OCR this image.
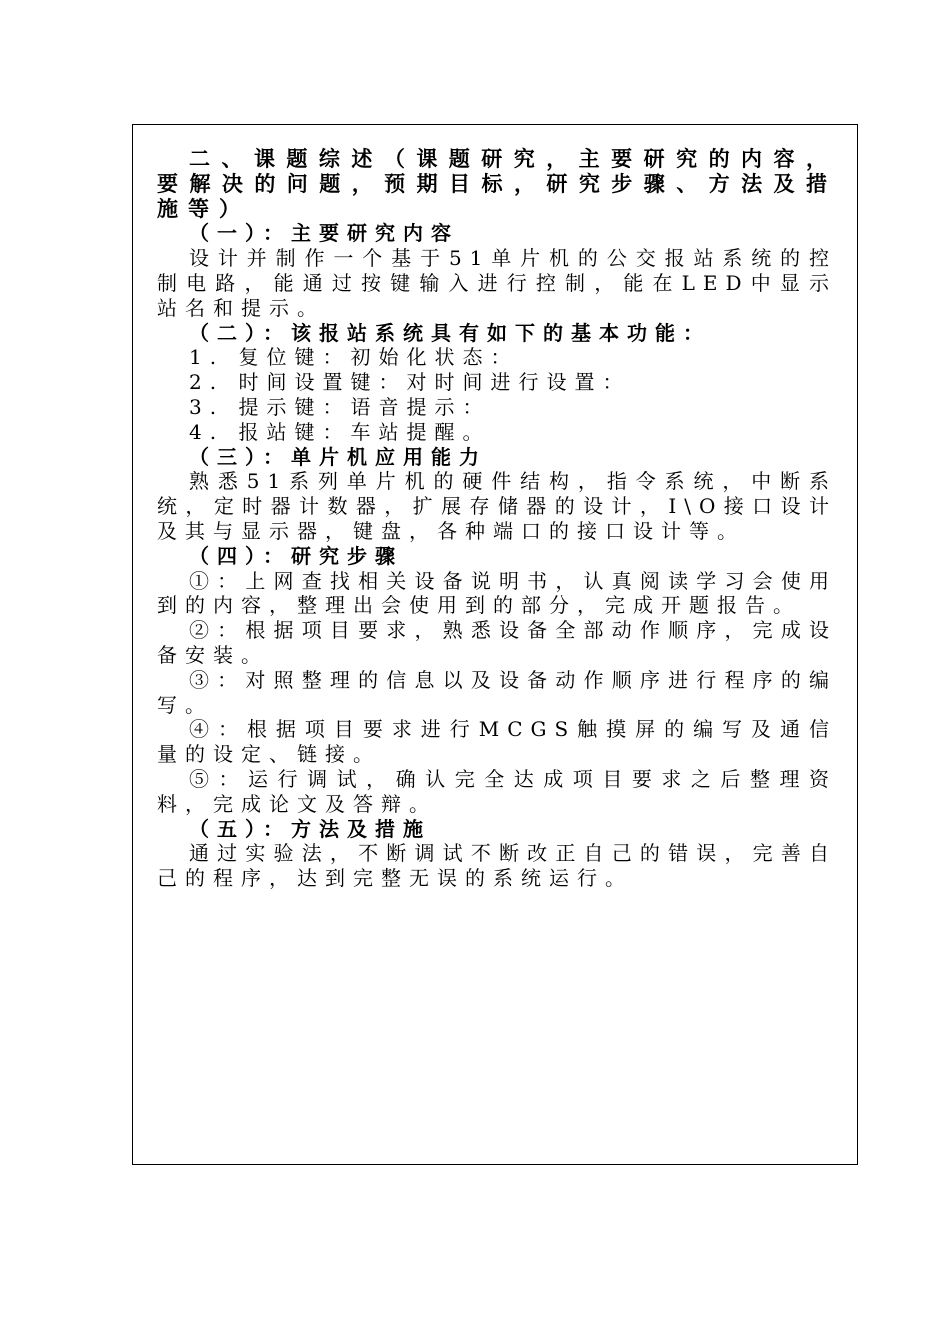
二、课题综述（课题研究，主要研究的内容，要解决的问题，预期目标，研究步骤、方法及措施等）

（一）：主要研究内容

设计并制作一个基于51单片机的公交报站系统的控制电路，能通过按键输入进行控制，能在LED中显示站名和提示。

（二）：该报站系统具有如下的基本功能：

1. 复位键：初始化状态：

2. 时间设置键：对时间进行设置：

3. 提示键：语音提示：

4. 报站键：车站提醒。

（三）：单片机应用能力

熟悉51系列单片机的硬件结构，指令系统，中断系统，定时器计数器，扩展存储器的设计，I\O接口设计及其与显示器，键盘，各种端口的接口设计等。

（四）：研究步骤

①：上网查找相关设备说明书，认真阅读学习会使用到的内容，整理出会使用到的部分，完成开题报告。

②：根据项目要求，熟悉设备全部动作顺序，完成设备安装。

③：对照整理的信息以及设备动作顺序进行程序的编写。

④：根据项目要求进行MCGS触摸屏的编写及通信量的设定、链接。

⑤：运行调试，确认完全达成项目要求之后整理资料，完成论文及答辩。

（五）：方法及措施

通过实验法，不断调试不断改正自己的错误，完善自己的程序，达到完整无误的系统运行。
